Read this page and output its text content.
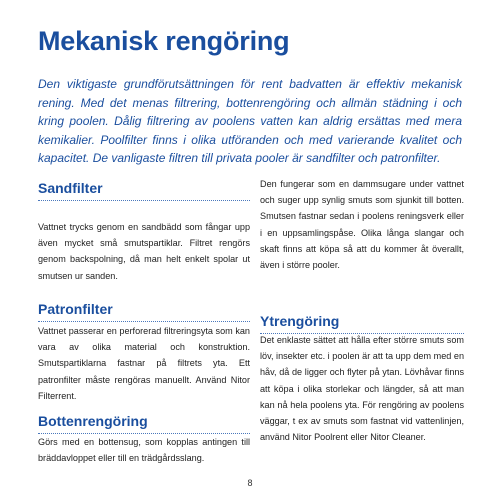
Mekanisk rengöring

Den viktigaste grundförutsättningen för rent badvatten är effektiv mekanisk rening. Med det menas filtrering, bottenrengöring och allmän städning i och kring poolen. Dålig filtrering av poolens vatten kan aldrig ersättas med mera kemikalier. Poolfilter finns i olika utföranden och med varierande kvalitet och kapacitet. De vanligaste filtren till privata pooler är sandfilter och patronfilter.

Sandfilter

Vattnet trycks genom en sandbädd som fångar upp även mycket små smutspartiklar. Filtret rengörs genom backspolning, då man helt enkelt spolar ut smutsen ur sanden.

Patronfilter

Vattnet passerar en perforerad filtreringsyta som kan vara av olika material och konstruktion. Smutspartiklarna fastnar på filtrets yta. Ett patronfilter måste rengöras manuellt. Använd Nitor Filterrent.

Bottenrengöring

Görs med en bottensug, som kopplas antingen till bräddavloppet eller till en trädgårdsslang.

Den fungerar som en dammsugare under vattnet och suger upp synlig smuts som sjunkit till botten. Smutsen fastnar sedan i poolens reningsverk eller i en uppsamlingspåse. Olika långa slangar och skaft finns att köpa så att du kommer åt överallt, även i större pooler.

Ytrengöring

Det enklaste sättet att hålla efter större smuts som löv, insekter etc. i poolen är att ta upp dem med en håv, då de ligger och flyter på ytan. Lövhåvar finns att köpa i olika storlekar och längder, så att man kan nå hela poolens yta. För rengöring av poolens väggar, t ex av smuts som fastnat vid vattenlinjen, använd Nitor Poolrent eller Nitor Cleaner.

8
